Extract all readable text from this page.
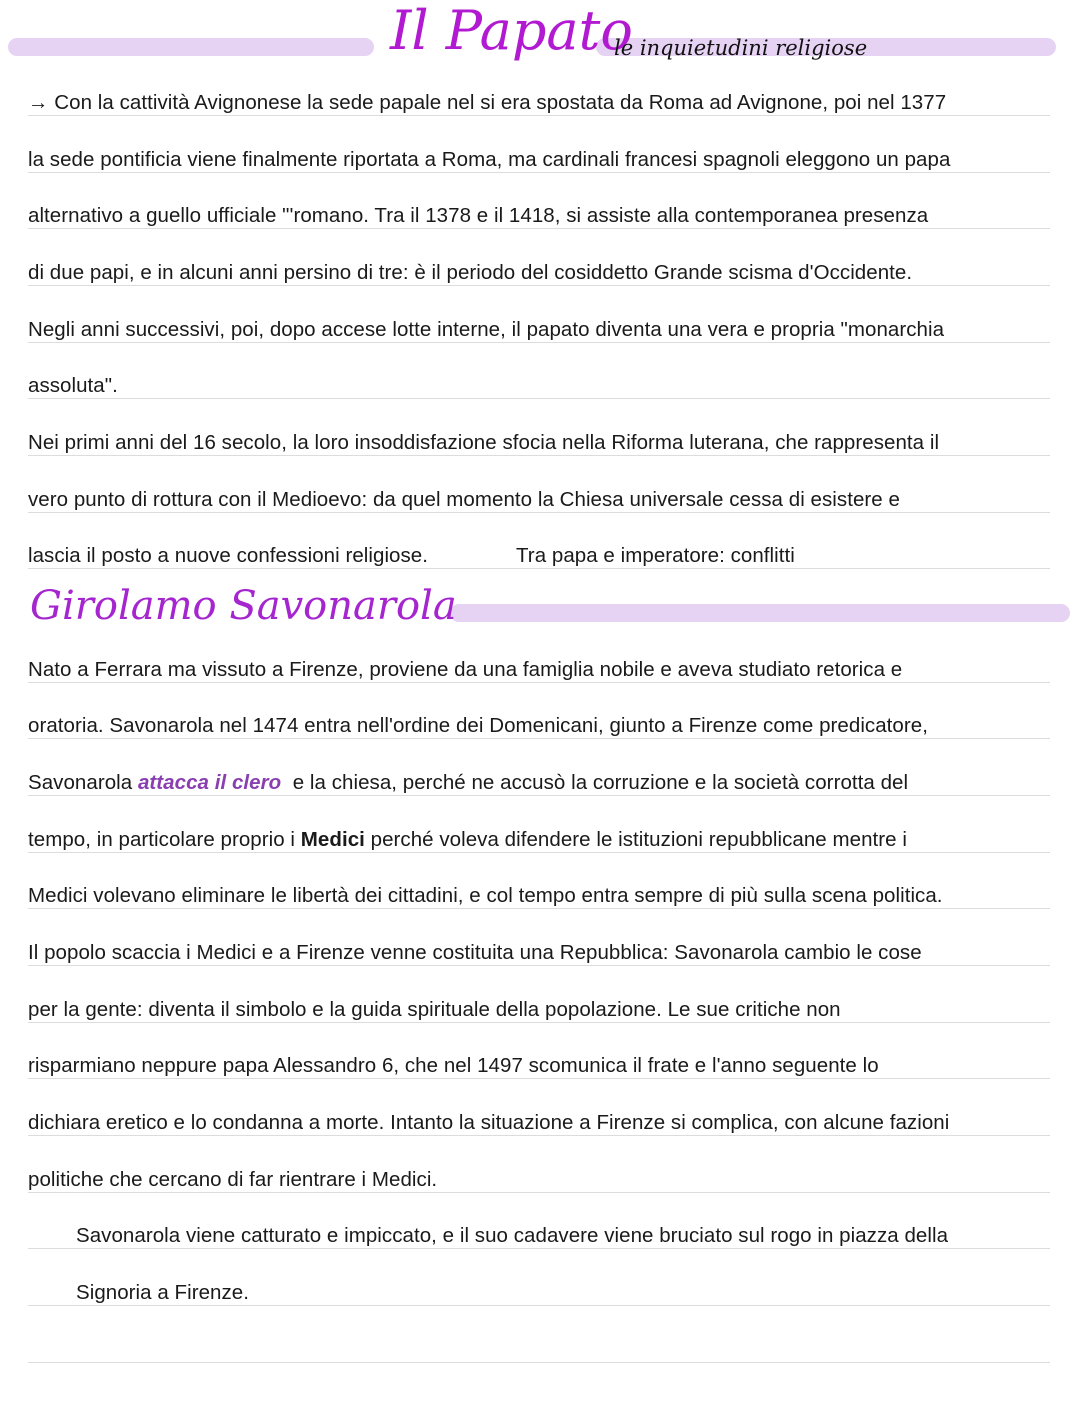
Il Papato
le inquietudini religiose
→ Con la cattività Avignonese la sede papale nel si era spostata da Roma ad Avignone, poi nel 1377
la sede pontificia viene finalmente riportata a Roma, ma cardinali francesi spagnoli eleggono un papa
alternativo a guello ufficiale "'romano. Tra il 1378 e il 1418, si assiste alla contemporanea presenza
di due papi, e in alcuni anni persino di tre: è il periodo del cosiddetto Grande scisma d'Occidente.
Negli anni successivi, poi, dopo accese lotte interne, il papato diventa una vera e propria "monarchia
assoluta".
Nei primi anni del 16 secolo, la loro insoddisfazione sfocia nella Riforma luterana, che rappresenta il
vero punto di rottura con il Medioevo: da quel momento la Chiesa universale cessa di esistere e
lascia il posto a nuove confessioni religiose.	Tra papa e imperatore: conflitti
Girolamo Savonarola
Nato a Ferrara ma vissuto a Firenze, proviene da una famiglia nobile e aveva studiato retorica e
oratoria. Savonarola nel 1474 entra nell'ordine dei Domenicani, giunto a Firenze come predicatore,
Savonarola attacca il clero  e la chiesa, perché ne accusò la corruzione e la società corrotta del
tempo, in particolare proprio i Medici perché voleva difendere le istituzioni repubblicane mentre i
Medici volevano eliminare le libertà dei cittadini, e col tempo entra sempre di più sulla scena politica.
Il popolo scaccia i Medici e a Firenze venne costituita una Repubblica: Savonarola cambio le cose
per la gente: diventa il simbolo e la guida spirituale della popolazione. Le sue critiche non
risparmiano neppure papa Alessandro 6, che nel 1497 scomunica il frate e l'anno seguente lo
dichiara eretico e lo condanna a morte. Intanto la situazione a Firenze si complica, con alcune fazioni
politiche che cercano di far rientrare i Medici.
Savonarola viene catturato e impiccato, e il suo cadavere viene bruciato sul rogo in piazza della
Signoria a Firenze.
